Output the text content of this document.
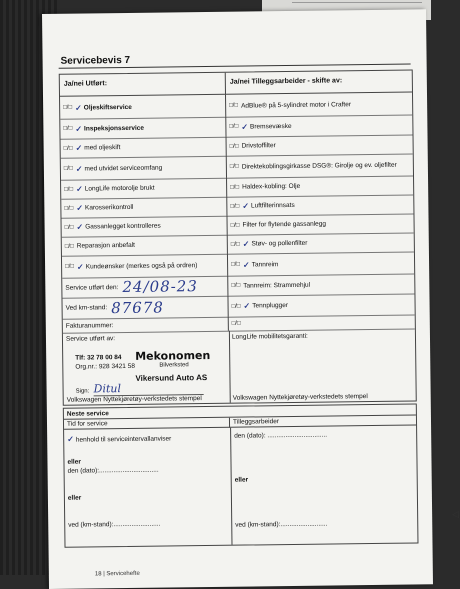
Servicebevis 7
Ja/nei Utført:	Ja/nei Tilleggsarbeider - skifte av:
□/□ ✓ Oljeskiftservice	□/□ AdBlue® på 5-sylindret motor i Crafter
□/□ ✓ Inspeksjonsservice	□/□ ✓ Bremsevæske
□/□ ✓ med oljeskift	□/□ Drivstoffilter
□/□ ✓ med utvidet serviceomfang	□/□ Direktekoblingsgirkasse DSG®: Girolje og ev. oljefilter
□/□ ✓ LongLife motorolje brukt	□/□ Haldex-kobling: Olje
□/□ ✓ Karosserikontroll	□/□ ✓ Luftfilterinnsats
□/□ ✓ Gassanlegget kontrolleres	□/□ Filter for flytende gassanlegg
□/□ Reparasjon anbefalt	□/□ ✓ Støv- og pollenfilter
□/□ ✓ Kundeønsker (merkes også på ordren)	□/□ ✓ Tannreim
Service utført den: 24/08-23	□/□ Tannreim: Strammehjul
Ved km-stand: 87678	□/□ ✓ Tennplugger
Fakturanummer:	□/□
Service utført av:
Tlf: 32 78 00 84
Org.nr.: 928 3421 58
Mekonomen
Bilverksted
Vikersund Auto AS
Sign: Ditul
Volkswagen Nyttekjøretøy-verkstedets stempel
LongLife mobilitetsgaranti:
Volkswagen Nyttekjøretøy-verkstedets stempel
Neste service
Tid for service	Tilleggsarbeider
✓ henhold til serviceintervallanviser
eller
den (dato):.................................
eller
ved (km-stand):..........................
den (dato): .................................
eller
ved (km-stand):..........................
18 | Servicehefte
◁
